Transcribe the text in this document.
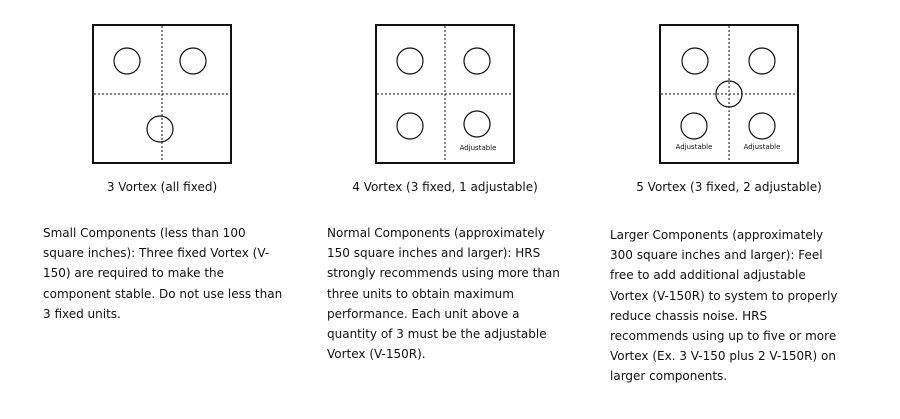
Adjustable	Adjustable	Adjustable
3 Vortex (all fixed)	4 Vortex (3 fixed, 1 adjustable)	5 Vortex (3 fixed, 2 adjustable)
Small Components (less than 100 square inches): Three fixed Vortex (V-150) are required to make the component stable. Do not use less than 3 fixed units.
Normal Components (approximately 150 square inches and larger): HRS strongly recommends using more than three units to obtain maximum performance. Each unit above a quantity of 3 must be the adjustable Vortex (V-150R).
Larger Components (approximately 300 square inches and larger): Feel free to add additional adjustable Vortex (V-150R) to system to properly reduce chassis noise. HRS recommends using up to five or more Vortex (Ex. 3 V-150 plus 2 V-150R) on larger components.
